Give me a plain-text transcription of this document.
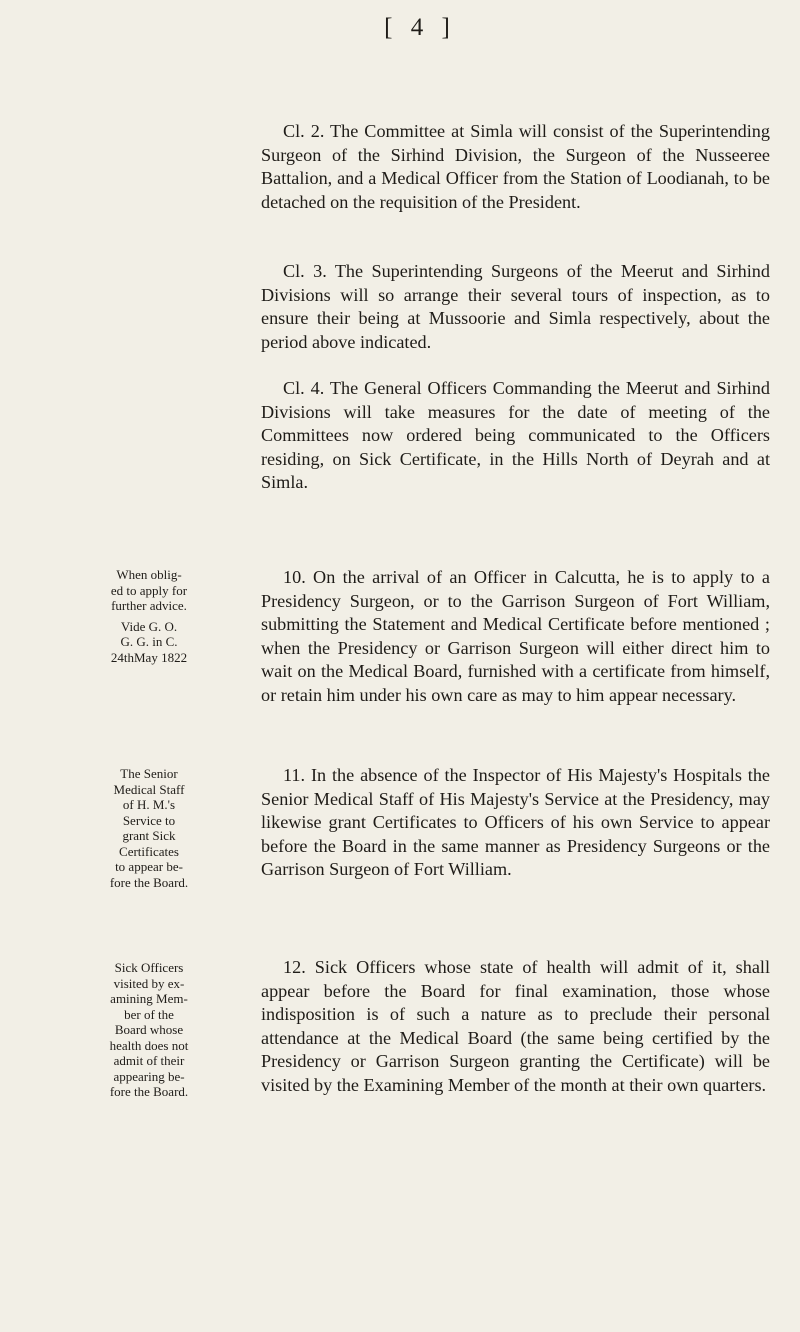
[ 4 ]

Cl. 2. The Committee at Simla will consist of the Superintending Surgeon of the Sirhind Division, the Surgeon of the Nusseeree Battalion, and a Medical Officer from the Station of Loodianah, to be detached on the requisition of the President.

Cl. 3. The Superintending Surgeons of the Meerut and Sirhind Divisions will so arrange their several tours of inspection, as to ensure their being at Mussoorie and Simla respectively, about the period above indicated.

Cl. 4. The General Officers Commanding the Meerut and Sirhind Divisions will take measures for the date of meeting of the Committees now ordered being communicated to the Officers residing, on Sick Certificate, in the Hills North of Deyrah and at Simla.

When oblig-
ed to apply for
further advice.
Vide G. O.
G. G. in C.
24thMay 1822

10. On the arrival of an Officer in Calcutta, he is to apply to a Presidency Surgeon, or to the Garrison Surgeon of Fort William, submitting the Statement and Medical Certificate before mentioned ; when the Presidency or Garrison Surgeon will either direct him to wait on the Medical Board, furnished with a certificate from himself, or retain him under his own care as may to him appear necessary.

The Senior
Medical Staff
of H. M.'s
Service to
grant Sick
Certificates
to appear be-
fore the Board.

11. In the absence of the Inspector of His Majesty's Hospitals the Senior Medical Staff of His Majesty's Service at the Presidency, may likewise grant Certificates to Officers of his own Service to appear before the Board in the same manner as Presidency Surgeons or the Garrison Surgeon of Fort William.

Sick Officers
visited by ex-
amining Mem-
ber of the
Board whose
health does not
admit of their
appearing be-
fore the Board.

12. Sick Officers whose state of health will admit of it, shall appear before the Board for final examination, those whose indisposition is of such a nature as to preclude their personal attendance at the Medical Board (the same being certified by the Presidency or Garrison Surgeon granting the Certificate) will be visited by the Examining Member of the month at their own quarters.
